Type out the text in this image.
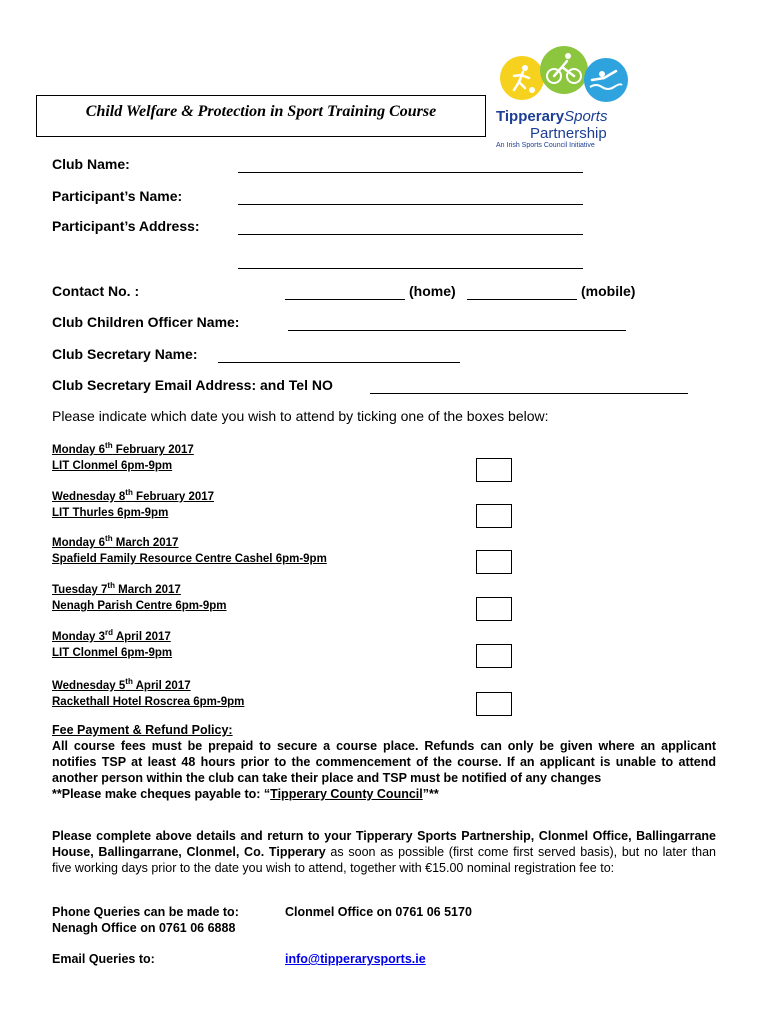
Child Welfare & Protection in Sport Training Course	TipperarySports
Partnership
An Irish Sports Council Initiative
Club Name:
Participant’s Name:
Participant’s Address:
Contact No. :	(home)	(mobile)
Club Children Officer Name:
Club Secretary Name:
Club Secretary Email Address: and Tel NO
Please indicate which date you wish to attend by ticking one of the boxes below:
Monday 6th February 2017
LIT Clonmel 6pm-9pm
Wednesday 8th February 2017
LIT Thurles 6pm-9pm
Monday 6th March 2017
Spafield Family Resource Centre Cashel 6pm-9pm
Tuesday 7th March 2017
Nenagh Parish Centre 6pm-9pm
Monday 3rd April 2017
LIT Clonmel 6pm-9pm
Wednesday 5th April 2017
Rackethall Hotel Roscrea 6pm-9pm
Fee Payment & Refund Policy:
All course fees must be prepaid to secure a course place. Refunds can only be given where an applicant notifies TSP at least 48 hours prior to the commencement of the course. If an applicant is unable to attend another person within the club can take their place and TSP must be notified of any changes
**Please make cheques payable to: “Tipperary County Council”**
Please complete above details and return to your Tipperary Sports Partnership, Clonmel Office, Ballingarrane House, Ballingarrane, Clonmel, Co. Tipperary as soon as possible (first come first served basis), but no later than five working days prior to the date you wish to attend, together with €15.00 nominal registration fee to:
Phone Queries can be made to:	Clonmel Office on 0761 06 5170
Nenagh Office on 0761 06 6888
Email Queries to:	info@tipperarysports.ie
